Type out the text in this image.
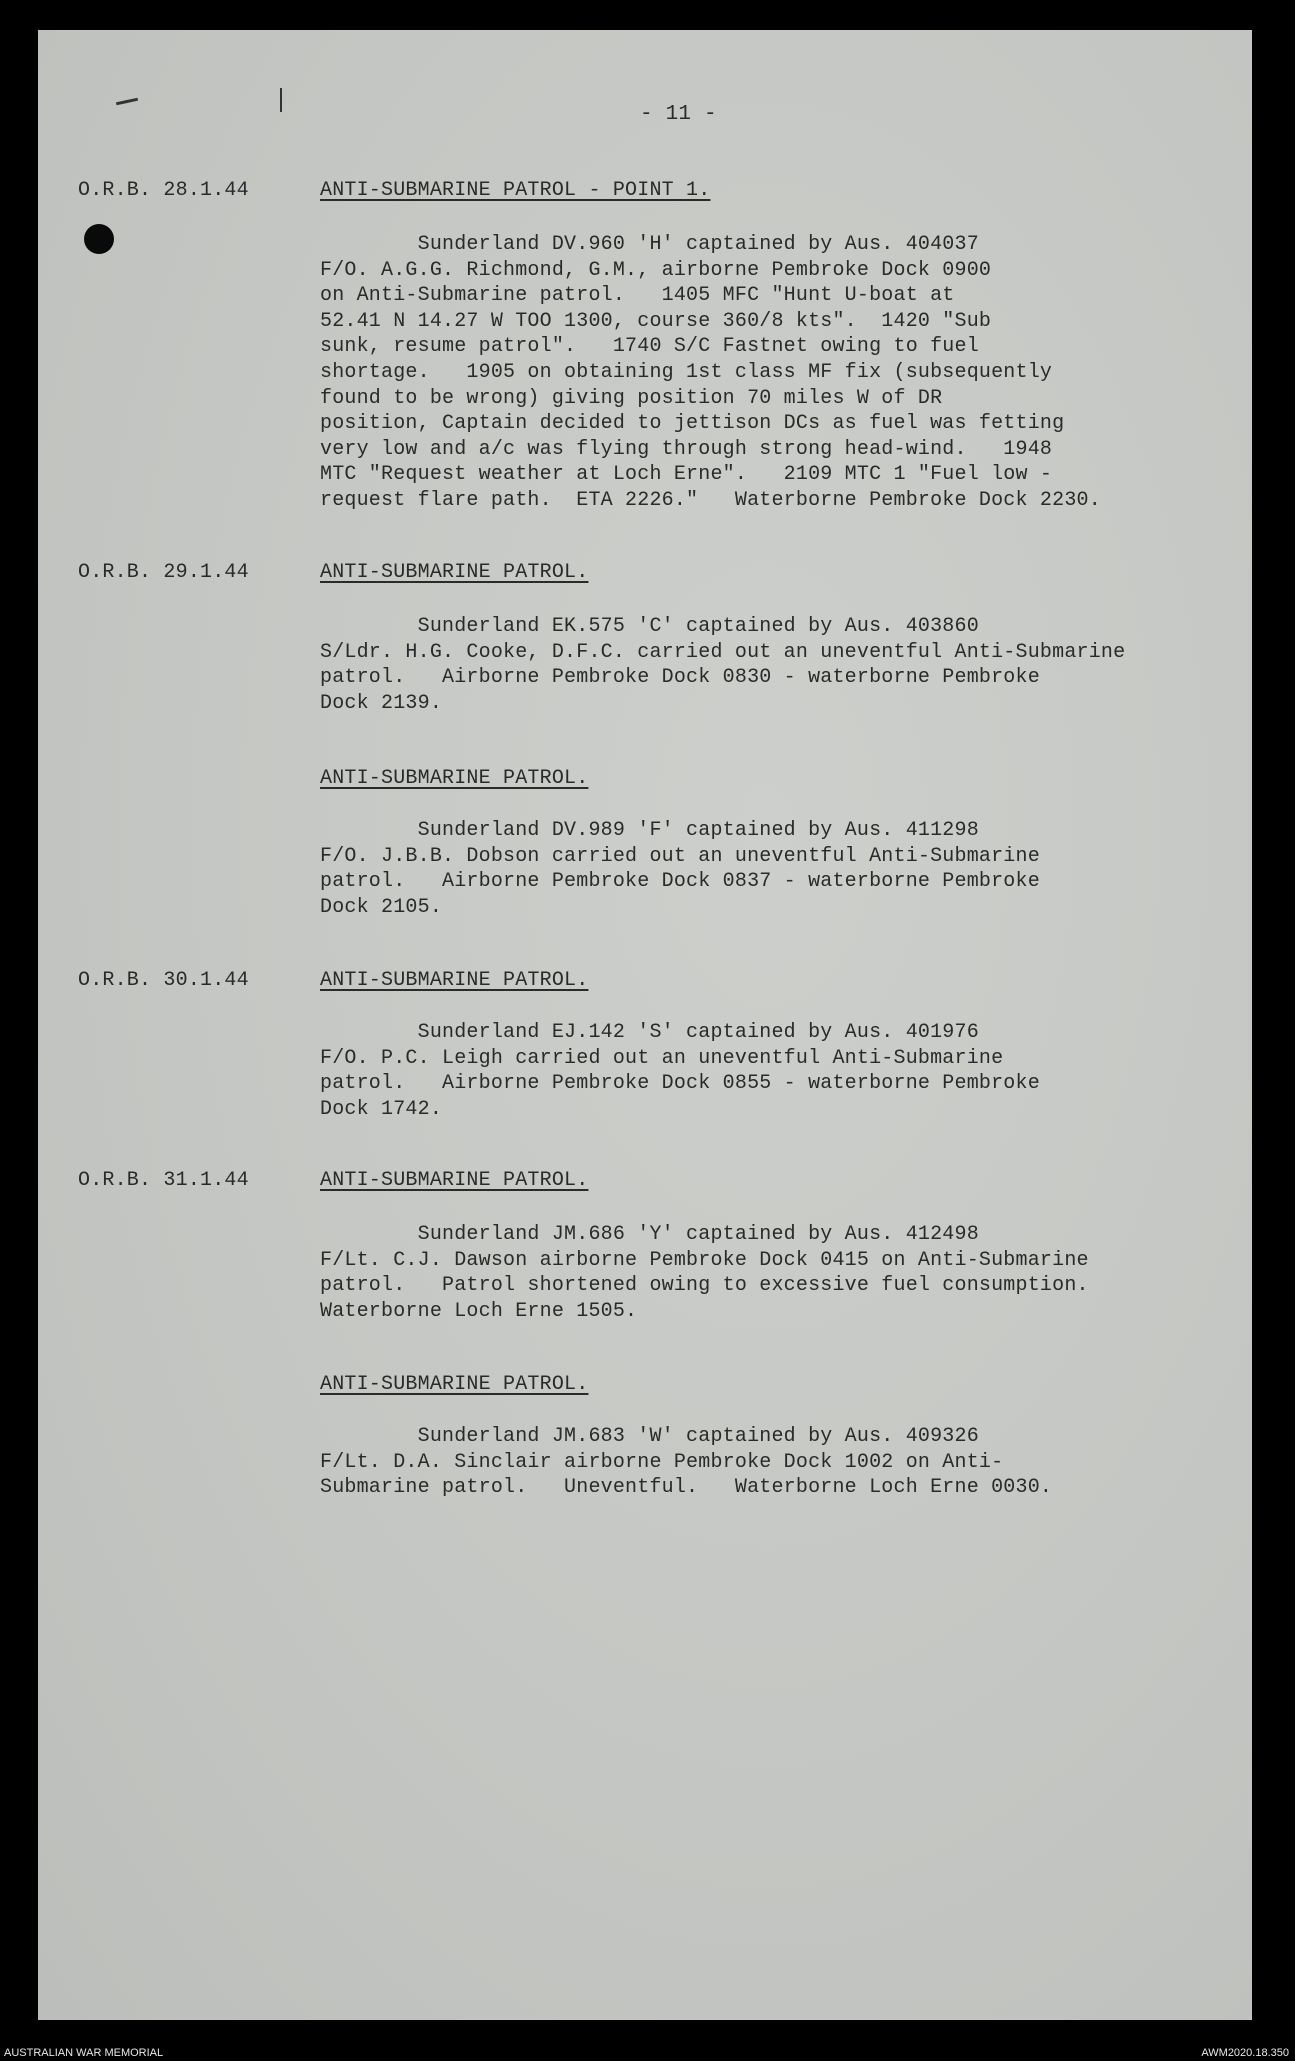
- 11 -
O.R.B. 28.1.44	ANTI-SUBMARINE PATROL - POINT 1.
Sunderland DV.960 'H' captained by Aus. 404037
F/O. A.G.G. Richmond, G.M., airborne Pembroke Dock 0900
on Anti-Submarine patrol.   1405 MFC "Hunt U-boat at
52.41 N 14.27 W TOO 1300, course 360/8 kts".  1420 "Sub
sunk, resume patrol".   1740 S/C Fastnet owing to fuel
shortage.   1905 on obtaining 1st class MF fix (subsequently
found to be wrong) giving position 70 miles W of DR
position, Captain decided to jettison DCs as fuel was fetting
very low and a/c was flying through strong head-wind.   1948
MTC "Request weather at Loch Erne".   2109 MTC 1 "Fuel low -
request flare path.  ETA 2226."   Waterborne Pembroke Dock 2230.
O.R.B. 29.1.44	ANTI-SUBMARINE PATROL.
Sunderland EK.575 'C' captained by Aus. 403860
S/Ldr. H.G. Cooke, D.F.C. carried out an uneventful Anti-Submarine
patrol.   Airborne Pembroke Dock 0830 - waterborne Pembroke
Dock 2139.
ANTI-SUBMARINE PATROL.
Sunderland DV.989 'F' captained by Aus. 411298
F/O. J.B.B. Dobson carried out an uneventful Anti-Submarine
patrol.   Airborne Pembroke Dock 0837 - waterborne Pembroke
Dock 2105.
O.R.B. 30.1.44	ANTI-SUBMARINE PATROL.
Sunderland EJ.142 'S' captained by Aus. 401976
F/O. P.C. Leigh carried out an uneventful Anti-Submarine
patrol.   Airborne Pembroke Dock 0855 - waterborne Pembroke
Dock 1742.
O.R.B. 31.1.44	ANTI-SUBMARINE PATROL.
Sunderland JM.686 'Y' captained by Aus. 412498
F/Lt. C.J. Dawson airborne Pembroke Dock 0415 on Anti-Submarine
patrol.   Patrol shortened owing to excessive fuel consumption.
Waterborne Loch Erne 1505.
ANTI-SUBMARINE PATROL.
Sunderland JM.683 'W' captained by Aus. 409326
F/Lt. D.A. Sinclair airborne Pembroke Dock 1002 on Anti-
Submarine patrol.   Uneventful.   Waterborne Loch Erne 0030.
AUSTRALIAN WAR MEMORIAL	AWM2020.18.350
